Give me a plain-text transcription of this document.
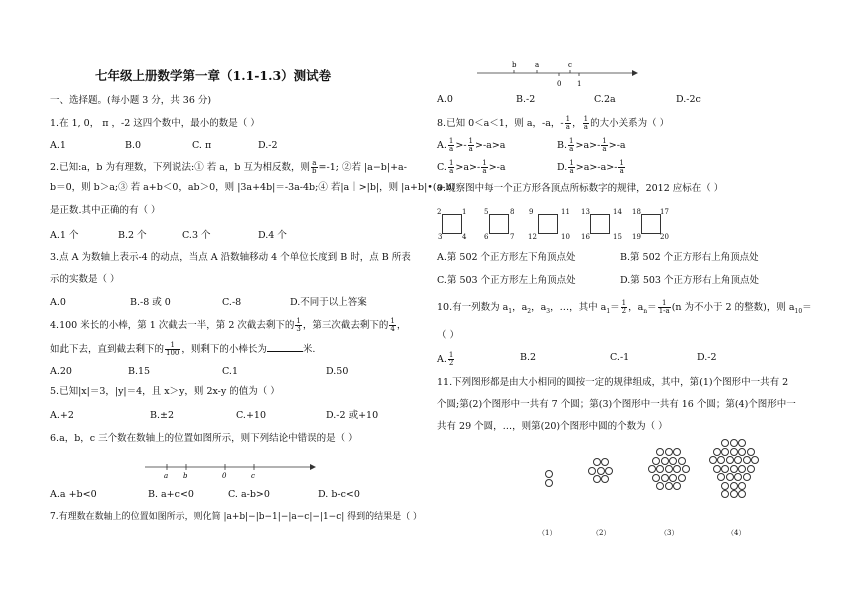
七年级上册数学第一章（1.1-1.3）测试卷
一、选择题。(每小题 3 分，共 36 分)
1.在 1, 0， π ，-2 这四个数中，最小的数是（ ）
A.1	B.0	C. π	D.-2
2.已知:a，b 为有理数，下列说法:① 若 a，b 互为相反数，则 $\frac{a}{b} =-1$; ②若 |a−b|+a-
b＝0，则 b＞a;③ 若 a+b＜0，ab＞0，则 |3a+4b|＝-3a-4b;④ 若|a｜>|b|，则 |a+b|•(a-b)
是正数.其中正确的有（ ）
A.1 个	B.2 个	C.3 个	D.4 个
3.点 A 为数轴上表示-4 的动点，当点 A 沿数轴移动 4 个单位长度到 B 时，点 B 所表
示的实数是（ ）
A.0	B.-8 或 0	C.-8	D.不同于以上答案
4.100 米长的小棒，第 1 次截去一半，第 2 次截去剩下的 $\frac{1}{3}$ ，第三次截去剩下的 $\frac{1}{4}$ ，
如此下去，直到截去剩下的 $\frac{1}{100}$ ，则剩下的小棒长为	米.
A.20	B.15	C.1	D.50
5.已知|x|＝3，|y|＝4，且 x＞y，则 2x-y 的值为（ ）
A.+2	B.±2	C.+10	D.-2 或+10
6.a，b，c 三个数在数轴上的位置如图所示，则下列结论中错误的是（ ）
a b	0	c
A.a +b<0	B. a+c<0	C. a-b>0	D. b-c<0
7.有理数在数轴上的位置如图所示，则化简 |a+b|−|b−1|−|a−c|−|1−c| 得到的结果是（ ）
b	a	c
0 1
A.0	B.-2	C.2a	D.-2c
8.已知 0＜a＜1，则 a，-a，- $\frac{1}{a}$ ， $\frac{1}{a}$ 的大小关系为（ ）
A. $\frac{1}{a} >- \frac{1}{a} >-a>a$	B. $\frac{1}{a} >a>- \frac{1}{a} >-a$
C. $\frac{1}{a} >a>- \frac{1}{a} >-a$	D. $\frac{1}{a} >a>-a>- \frac{1}{a}$
9.观察图中每一个正方形各顶点所标数字的规律，2012 应标在（ ）
2
3
1
4
5	8
6	7
9
12	10
11 13
16
14
15
17
20
18
19
A.第 502 个正方形左下角顶点处	B.第 502 个正方形右上角顶点处
C.第 503 个正方形左上角顶点处	D.第 503 个正方形右上角顶点处
10.有一列数为 $a_1$，$a_2$，$a_3$，…，其中 $a_1= \frac{1}{2}$ ，$a_n= \frac{1}{1-a} (n$ 为不小于 2 的整数)，则 $a_{10}=$
（ ）
A. $\frac{1}{2}$	B.2	C.-1	D.-2
11.下列图形都是由大小相同的圆按一定的规律组成，其中，第(1)个图形中一共有 2
个圆;第(2)个图形中一共有 7 个圆；第(3)个图形中一共有 16 个圆；第(4)个图形中一
共有 29 个圆，…，则第(20)个图形中圆的个数为（ ）
（1）	（2）	（3）	（4）
